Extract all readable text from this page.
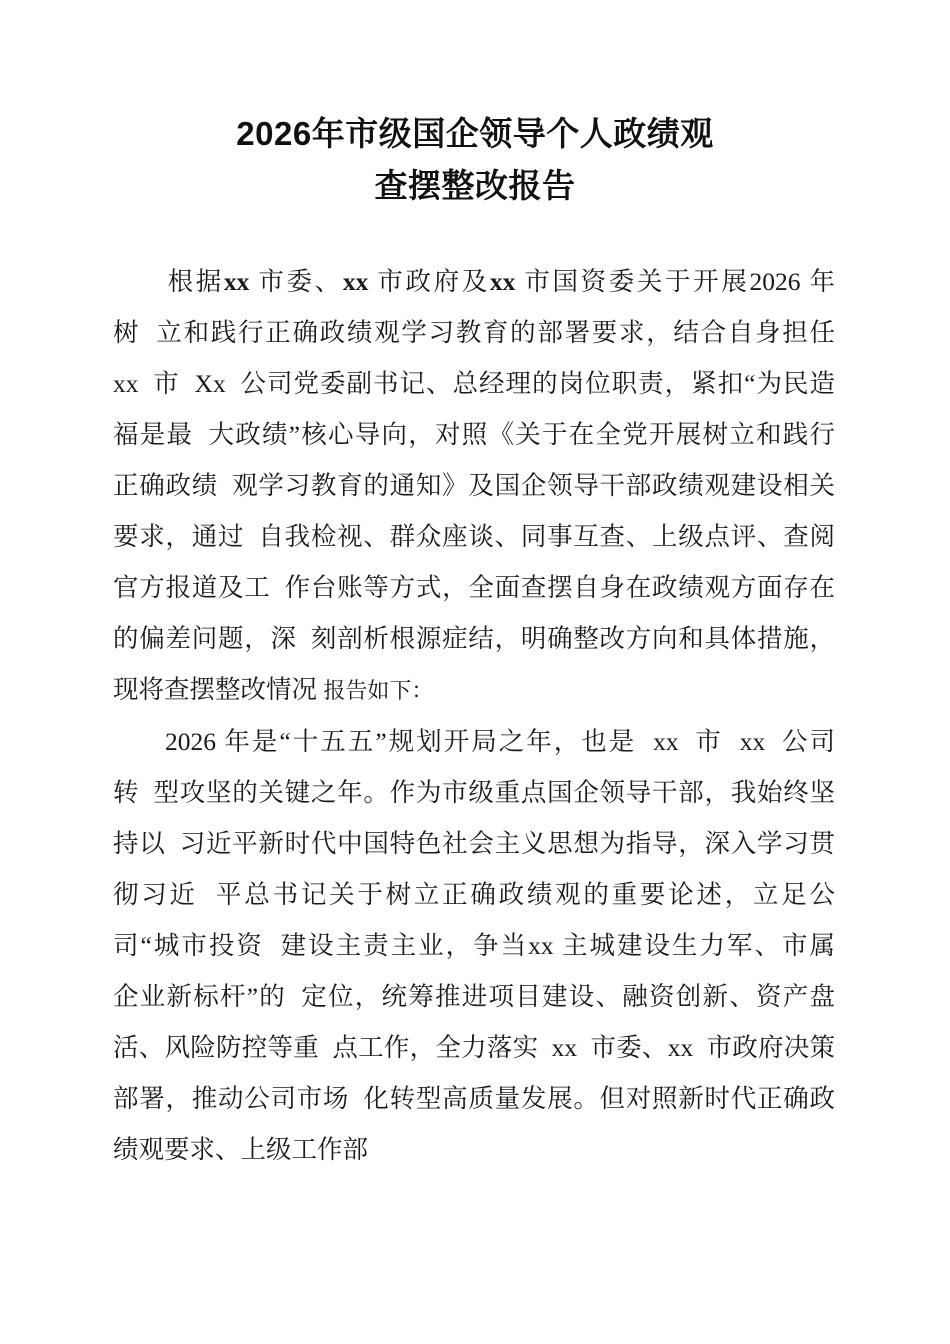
2026年市级国企领导个人政绩观
查摆整改报告

根据xx 市委、xx 市政府及xx 市国资委关于开展2026 年
树  立和践行正确政绩观学习教育的部署要求，结合自身担任
xx  市  Xx  公司党委副书记、总经理的岗位职责，紧扣“为民造
福是最  大政绩”核心导向，对照《关于在全党开展树立和践行
正确政绩  观学习教育的通知》及国企领导干部政绩观建设相关
要求，通过  自我检视、群众座谈、同事互查、上级点评、查阅
官方报道及工  作台账等方式，全面查摆自身在政绩观方面存在
的偏差问题，深  刻剖析根源症结，明确整改方向和具体措施，
现将查摆整改情况 报告如下：

2026 年是“十五五”规划开局之年，也是  xx  市  xx  公司
转  型攻坚的关键之年。作为市级重点国企领导干部，我始终坚
持以  习近平新时代中国特色社会主义思想为指导，深入学习贯
彻习近  平总书记关于树立正确政绩观的重要论述，立足公
司“城市投资  建设主责主业，争当xx 主城建设生力军、市属
企业新标杆”的  定位，统筹推进项目建设、融资创新、资产盘
活、风险防控等重  点工作，全力落实  xx  市委、xx  市政府决策
部署，推动公司市场  化转型高质量发展。但对照新时代正确政
绩观要求、上级工作部
